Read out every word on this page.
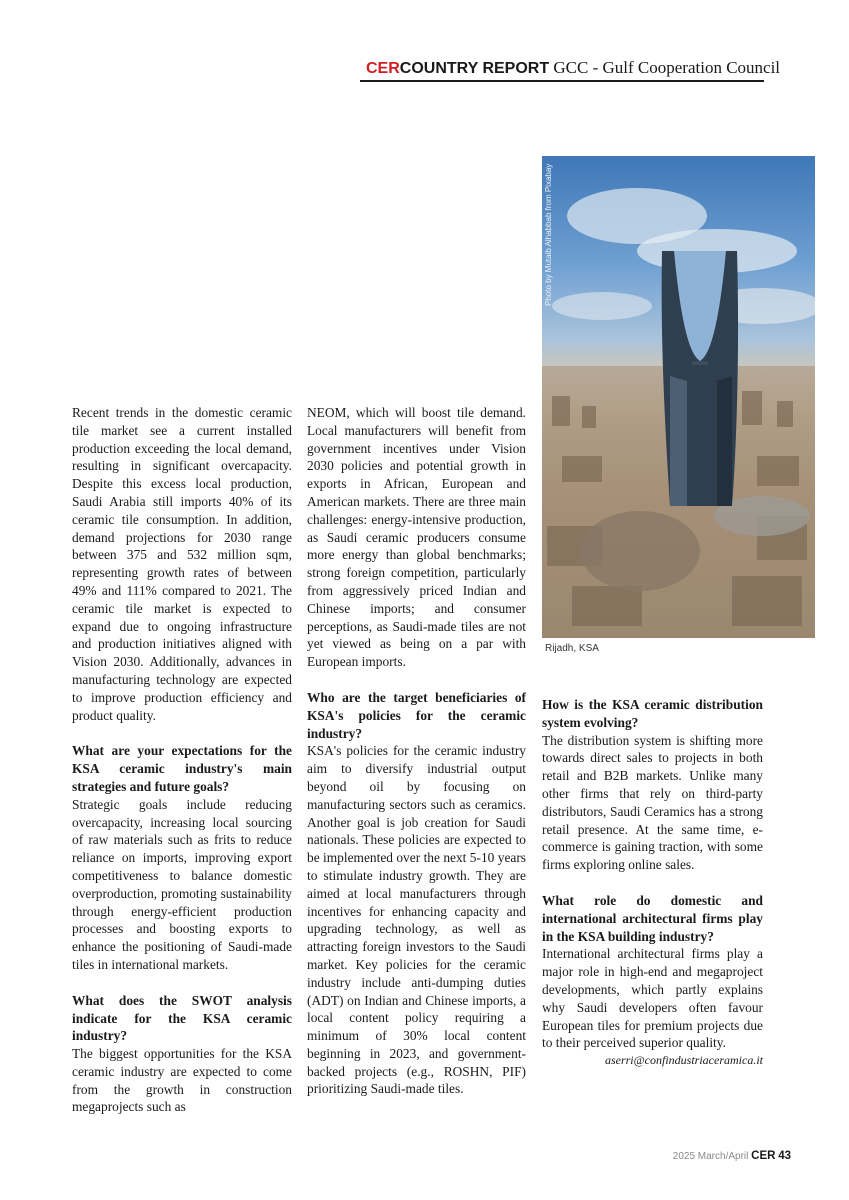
CERCOUNTRY REPORT GCC - Gulf Cooperation Council
Photo by Mutaib Alhabbab from Pixabay
Rijadh, KSA

Recent trends in the domestic ceramic tile market see a current installed production exceeding the local demand, resulting in significant overcapacity. Despite this excess local production, Saudi Arabia still imports 40% of its ceramic tile consumption. In addition, demand projections for 2030 range between 375 and 532 million sqm, representing growth rates of between 49% and 111% compared to 2021. The ceramic tile market is expected to expand due to ongoing infrastructure and production initiatives aligned with Vision 2030. Additionally, advances in manufacturing technology are expected to improve production efficiency and product quality.

What are your expectations for the KSA ceramic industry's main strategies and future goals?

Strategic goals include reducing overcapacity, increasing local sourcing of raw materials such as frits to reduce reliance on imports, improving export competitiveness to balance domestic overproduction, promoting sustainability through energy-efficient production processes and boosting exports to enhance the positioning of Saudi-made tiles in international markets.

What does the SWOT analysis indicate for the KSA ceramic industry?

The biggest opportunities for the KSA ceramic industry are expected to come from the growth in construction megaprojects such as

NEOM, which will boost tile demand. Local manufacturers will benefit from government incentives under Vision 2030 policies and potential growth in exports in African, European and American markets. There are three main challenges: energy-intensive production, as Saudi ceramic producers consume more energy than global benchmarks; strong foreign competition, particularly from aggressively priced Indian and Chinese imports; and consumer perceptions, as Saudi-made tiles are not yet viewed as being on a par with European imports.

Who are the target beneficiaries of KSA's policies for the ceramic industry?

KSA's policies for the ceramic industry aim to diversify industrial output beyond oil by focusing on manufacturing sectors such as ceramics. Another goal is job creation for Saudi nationals. These policies are expected to be implemented over the next 5-10 years to stimulate industry growth. They are aimed at local manufacturers through incentives for enhancing capacity and upgrading technology, as well as attracting foreign investors to the Saudi market. Key policies for the ceramic industry include anti-dumping duties (ADT) on Indian and Chinese imports, a local content policy requiring a minimum of 30% local content beginning in 2023, and government-backed projects (e.g., ROSHN, PIF) prioritizing Saudi-made tiles.

How is the KSA ceramic distribution system evolving?

The distribution system is shifting more towards direct sales to projects in both retail and B2B markets. Unlike many other firms that rely on third-party distributors, Saudi Ceramics has a strong retail presence. At the same time, e-commerce is gaining traction, with some firms exploring online sales.

What role do domestic and international architectural firms play in the KSA building industry?

International architectural firms play a major role in high-end and megaproject developments, which partly explains why Saudi developers often favour European tiles for premium projects due to their perceived superior quality.

aserri@confindustriaceramica.it

2025 March/April CER 43
